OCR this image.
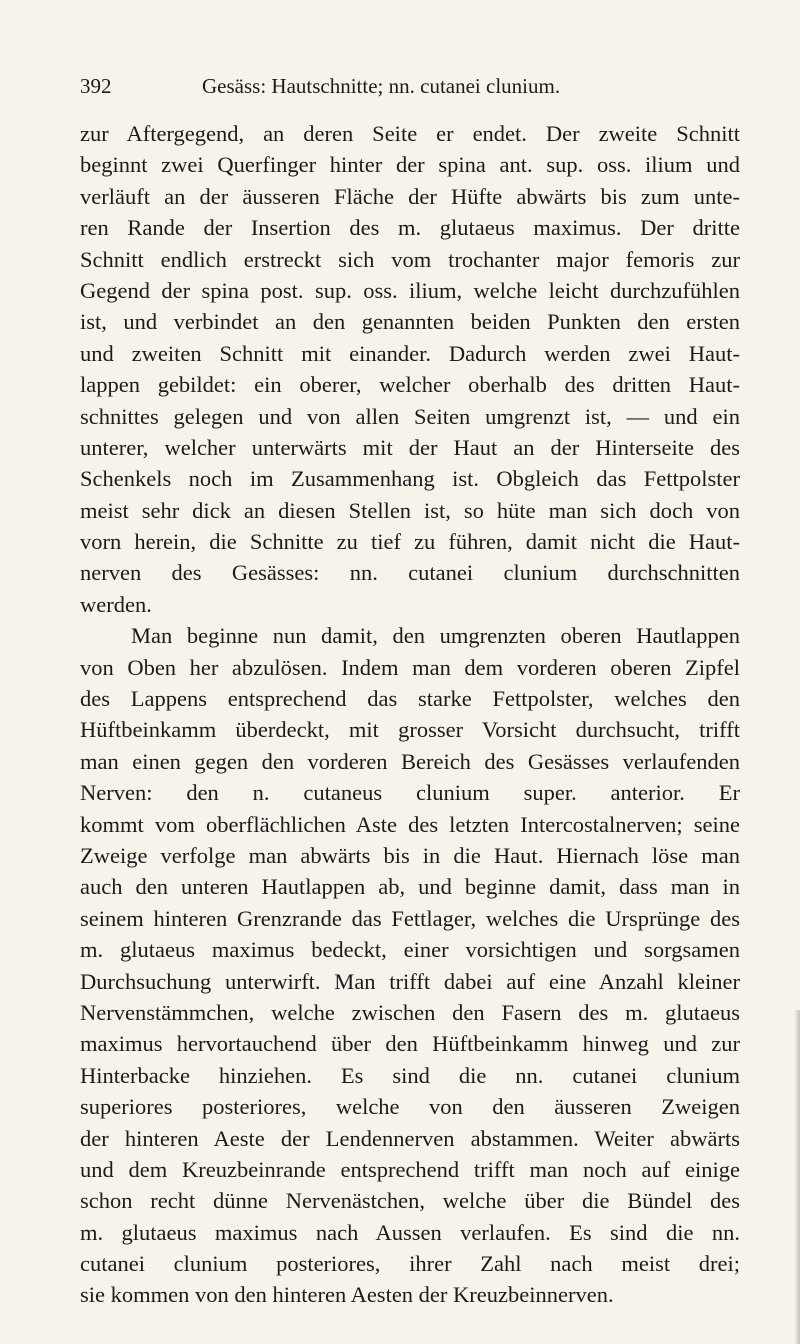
392	Gesäss: Hautschnitte; nn. cutanei clunium.
zur Aftergegend, an deren Seite er endet. Der zweite Schnitt
beginnt zwei Querfinger hinter der spina ant. sup. oss. ilium und
verläuft an der äusseren Fläche der Hüfte abwärts bis zum unte-
ren Rande der Insertion des m. glutaeus maximus. Der dritte
Schnitt endlich erstreckt sich vom trochanter major femoris zur
Gegend der spina post. sup. oss. ilium, welche leicht durchzufühlen
ist, und verbindet an den genannten beiden Punkten den ersten
und zweiten Schnitt mit einander. Dadurch werden zwei Haut-
lappen gebildet: ein oberer, welcher oberhalb des dritten Haut-
schnittes gelegen und von allen Seiten umgrenzt ist, — und ein
unterer, welcher unterwärts mit der Haut an der Hinterseite des
Schenkels noch im Zusammenhang ist. Obgleich das Fettpolster
meist sehr dick an diesen Stellen ist, so hüte man sich doch von
vorn herein, die Schnitte zu tief zu führen, damit nicht die Haut-
nerven des Gesässes: nn. cutanei clunium durchschnitten
werden.
Man beginne nun damit, den umgrenzten oberen Hautlappen
von Oben her abzulösen. Indem man dem vorderen oberen Zipfel
des Lappens entsprechend das starke Fettpolster, welches den
Hüftbeinkamm überdeckt, mit grosser Vorsicht durchsucht, trifft
man einen gegen den vorderen Bereich des Gesässes verlaufenden
Nerven: den n. cutaneus clunium super. anterior. Er
kommt vom oberflächlichen Aste des letzten Intercostalnerven; seine
Zweige verfolge man abwärts bis in die Haut. Hiernach löse man
auch den unteren Hautlappen ab, und beginne damit, dass man in
seinem hinteren Grenzrande das Fettlager, welches die Ursprünge des
m. glutaeus maximus bedeckt, einer vorsichtigen und sorgsamen
Durchsuchung unterwirft. Man trifft dabei auf eine Anzahl kleiner
Nervenstämmchen, welche zwischen den Fasern des m. glutaeus
maximus hervortauchend über den Hüftbeinkamm hinweg und zur
Hinterbacke hinziehen. Es sind die nn. cutanei clunium
superiores posteriores, welche von den äusseren Zweigen
der hinteren Aeste der Lendennerven abstammen. Weiter abwärts
und dem Kreuzbeinrande entsprechend trifft man noch auf einige
schon recht dünne Nervenästchen, welche über die Bündel des
m. glutaeus maximus nach Aussen verlaufen. Es sind die nn.
cutanei clunium posteriores, ihrer Zahl nach meist drei;
sie kommen von den hinteren Aesten der Kreuzbeinnerven.
